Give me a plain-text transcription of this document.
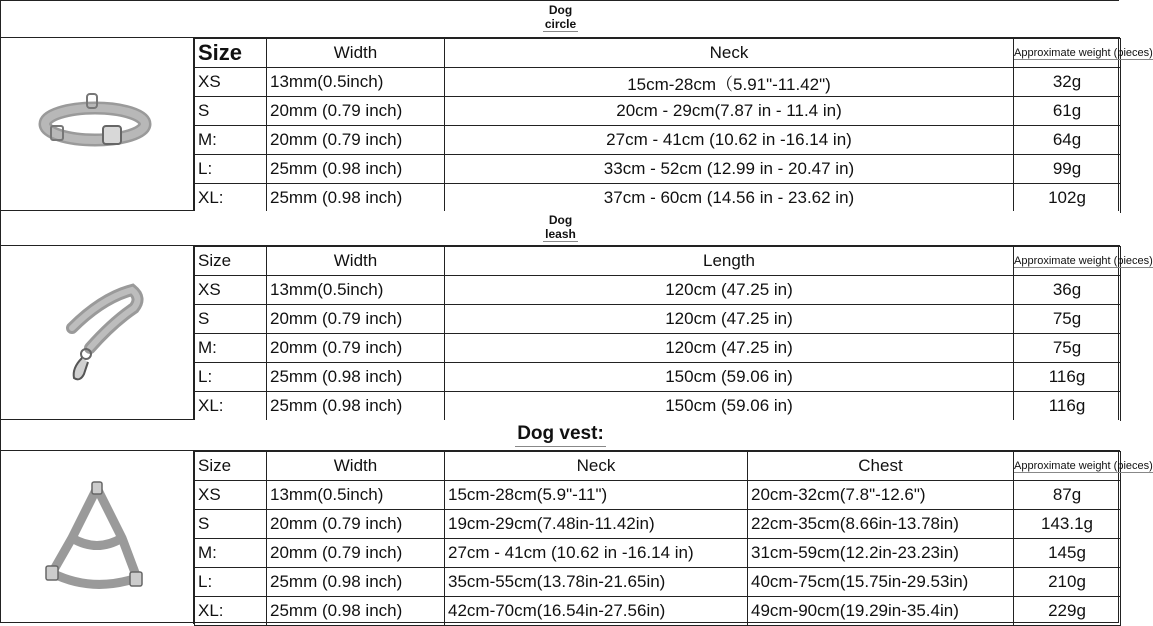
Dog
circle
Size	Width	Neck	Approximate weight (pieces)
XS	13mm(0.5inch)	15cm-28cm（5.91"-11.42")	32g
S	20mm (0.79 inch)	20cm - 29cm(7.87 in - 11.4 in)	61g
M:	20mm (0.79 inch)	27cm - 41cm (10.62 in -16.14 in)	64g
L:	25mm (0.98 inch)	33cm - 52cm (12.99 in - 20.47 in)	99g
XL:	25mm (0.98 inch)	37cm - 60cm (14.56 in - 23.62 in)	102g
Dog
leash
Size	Width	Length	Approximate weight (pieces)
XS	13mm(0.5inch)	120cm (47.25 in)	36g
S	20mm (0.79 inch)	120cm (47.25 in)	75g
M:	20mm (0.79 inch)	120cm (47.25 in)	75g
L:	25mm (0.98 inch)	150cm (59.06 in)	116g
XL:	25mm (0.98 inch)	150cm (59.06 in)	116g
Dog vest:
Size	Width	Neck	Chest	Approximate weight (pieces)
XS	13mm(0.5inch)	15cm-28cm(5.9"-11")	20cm-32cm(7.8"-12.6")	87g
S	20mm (0.79 inch)	19cm-29cm(7.48in-11.42in)	22cm-35cm(8.66in-13.78in)	143.1g
M:	20mm (0.79 inch)	27cm - 41cm (10.62 in -16.14 in)	31cm-59cm(12.2in-23.23in)	145g
L:	25mm (0.98 inch)	35cm-55cm(13.78in-21.65in)	40cm-75cm(15.75in-29.53in)	210g
XL:	25mm (0.98 inch)	42cm-70cm(16.54in-27.56in)	49cm-90cm(19.29in-35.4in)	229g
